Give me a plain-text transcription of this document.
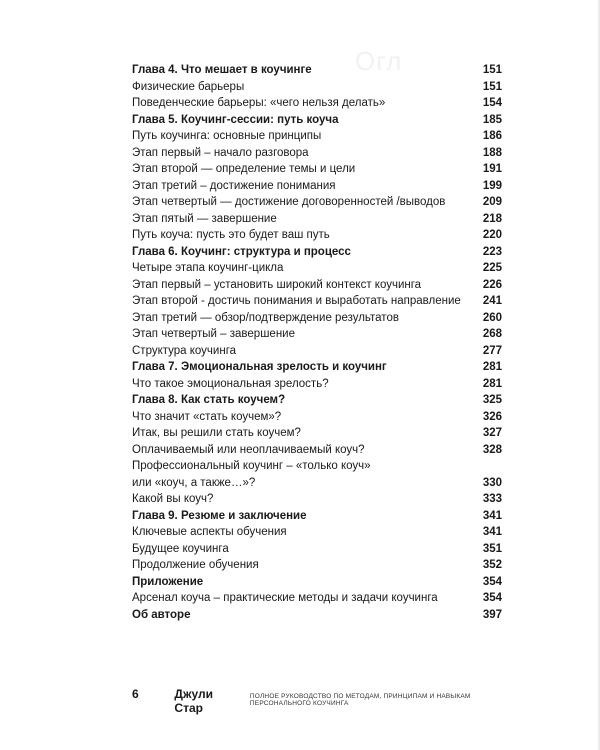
Огл
Глава 4. Что мешает в коучинге	151
Физические барьеры	151
Поведенческие барьеры: «чего нельзя делать»	154
Глава 5. Коучинг-сессии: путь коуча	185
Путь коучинга: основные принципы	186
Этап первый – начало разговора	188
Этап второй — определение темы и цели	191
Этап третий – достижение понимания	199
Этап четвертый — достижение договоренностей /выводов	209
Этап пятый — завершение	218
Путь коуча: пусть это будет ваш путь	220
Глава 6. Коучинг: структура и процесс	223
Четыре этапа коучинг-цикла	225
Этап первый – установить широкий контекст коучинга	226
Этап второй - достичь понимания и выработать направление	241
Этап третий — обзор/подтверждение результатов	260
Этап четвертый – завершение	268
Структура коучинга	277
Глава 7. Эмоциональная зрелость и коучинг	281
Что такое эмоциональная зрелость?	281
Глава 8. Как стать коучем?	325
Что значит «стать коучем»?	326
Итак, вы решили стать коучем?	327
Оплачиваемый или неоплачиваемый коуч?	328
Профессиональный коучинг – «только коуч»
или «коуч, а также…»?	330
Какой вы коуч?	333
Глава 9. Резюме и заключение	341
Ключевые аспекты обучения	341
Будущее коучинга	351
Продолжение обучения	352
Приложение	354
Арсенал коуча – практические методы и задачи коучинга	354
Об авторе	397
6	Джули Стар
ПОЛНОЕ РУКОВОДСТВО ПО МЕТОДАМ, ПРИНЦИПАМ И НАВЫКАМ ПЕРСОНАЛЬНОГО КОУЧИНГА
